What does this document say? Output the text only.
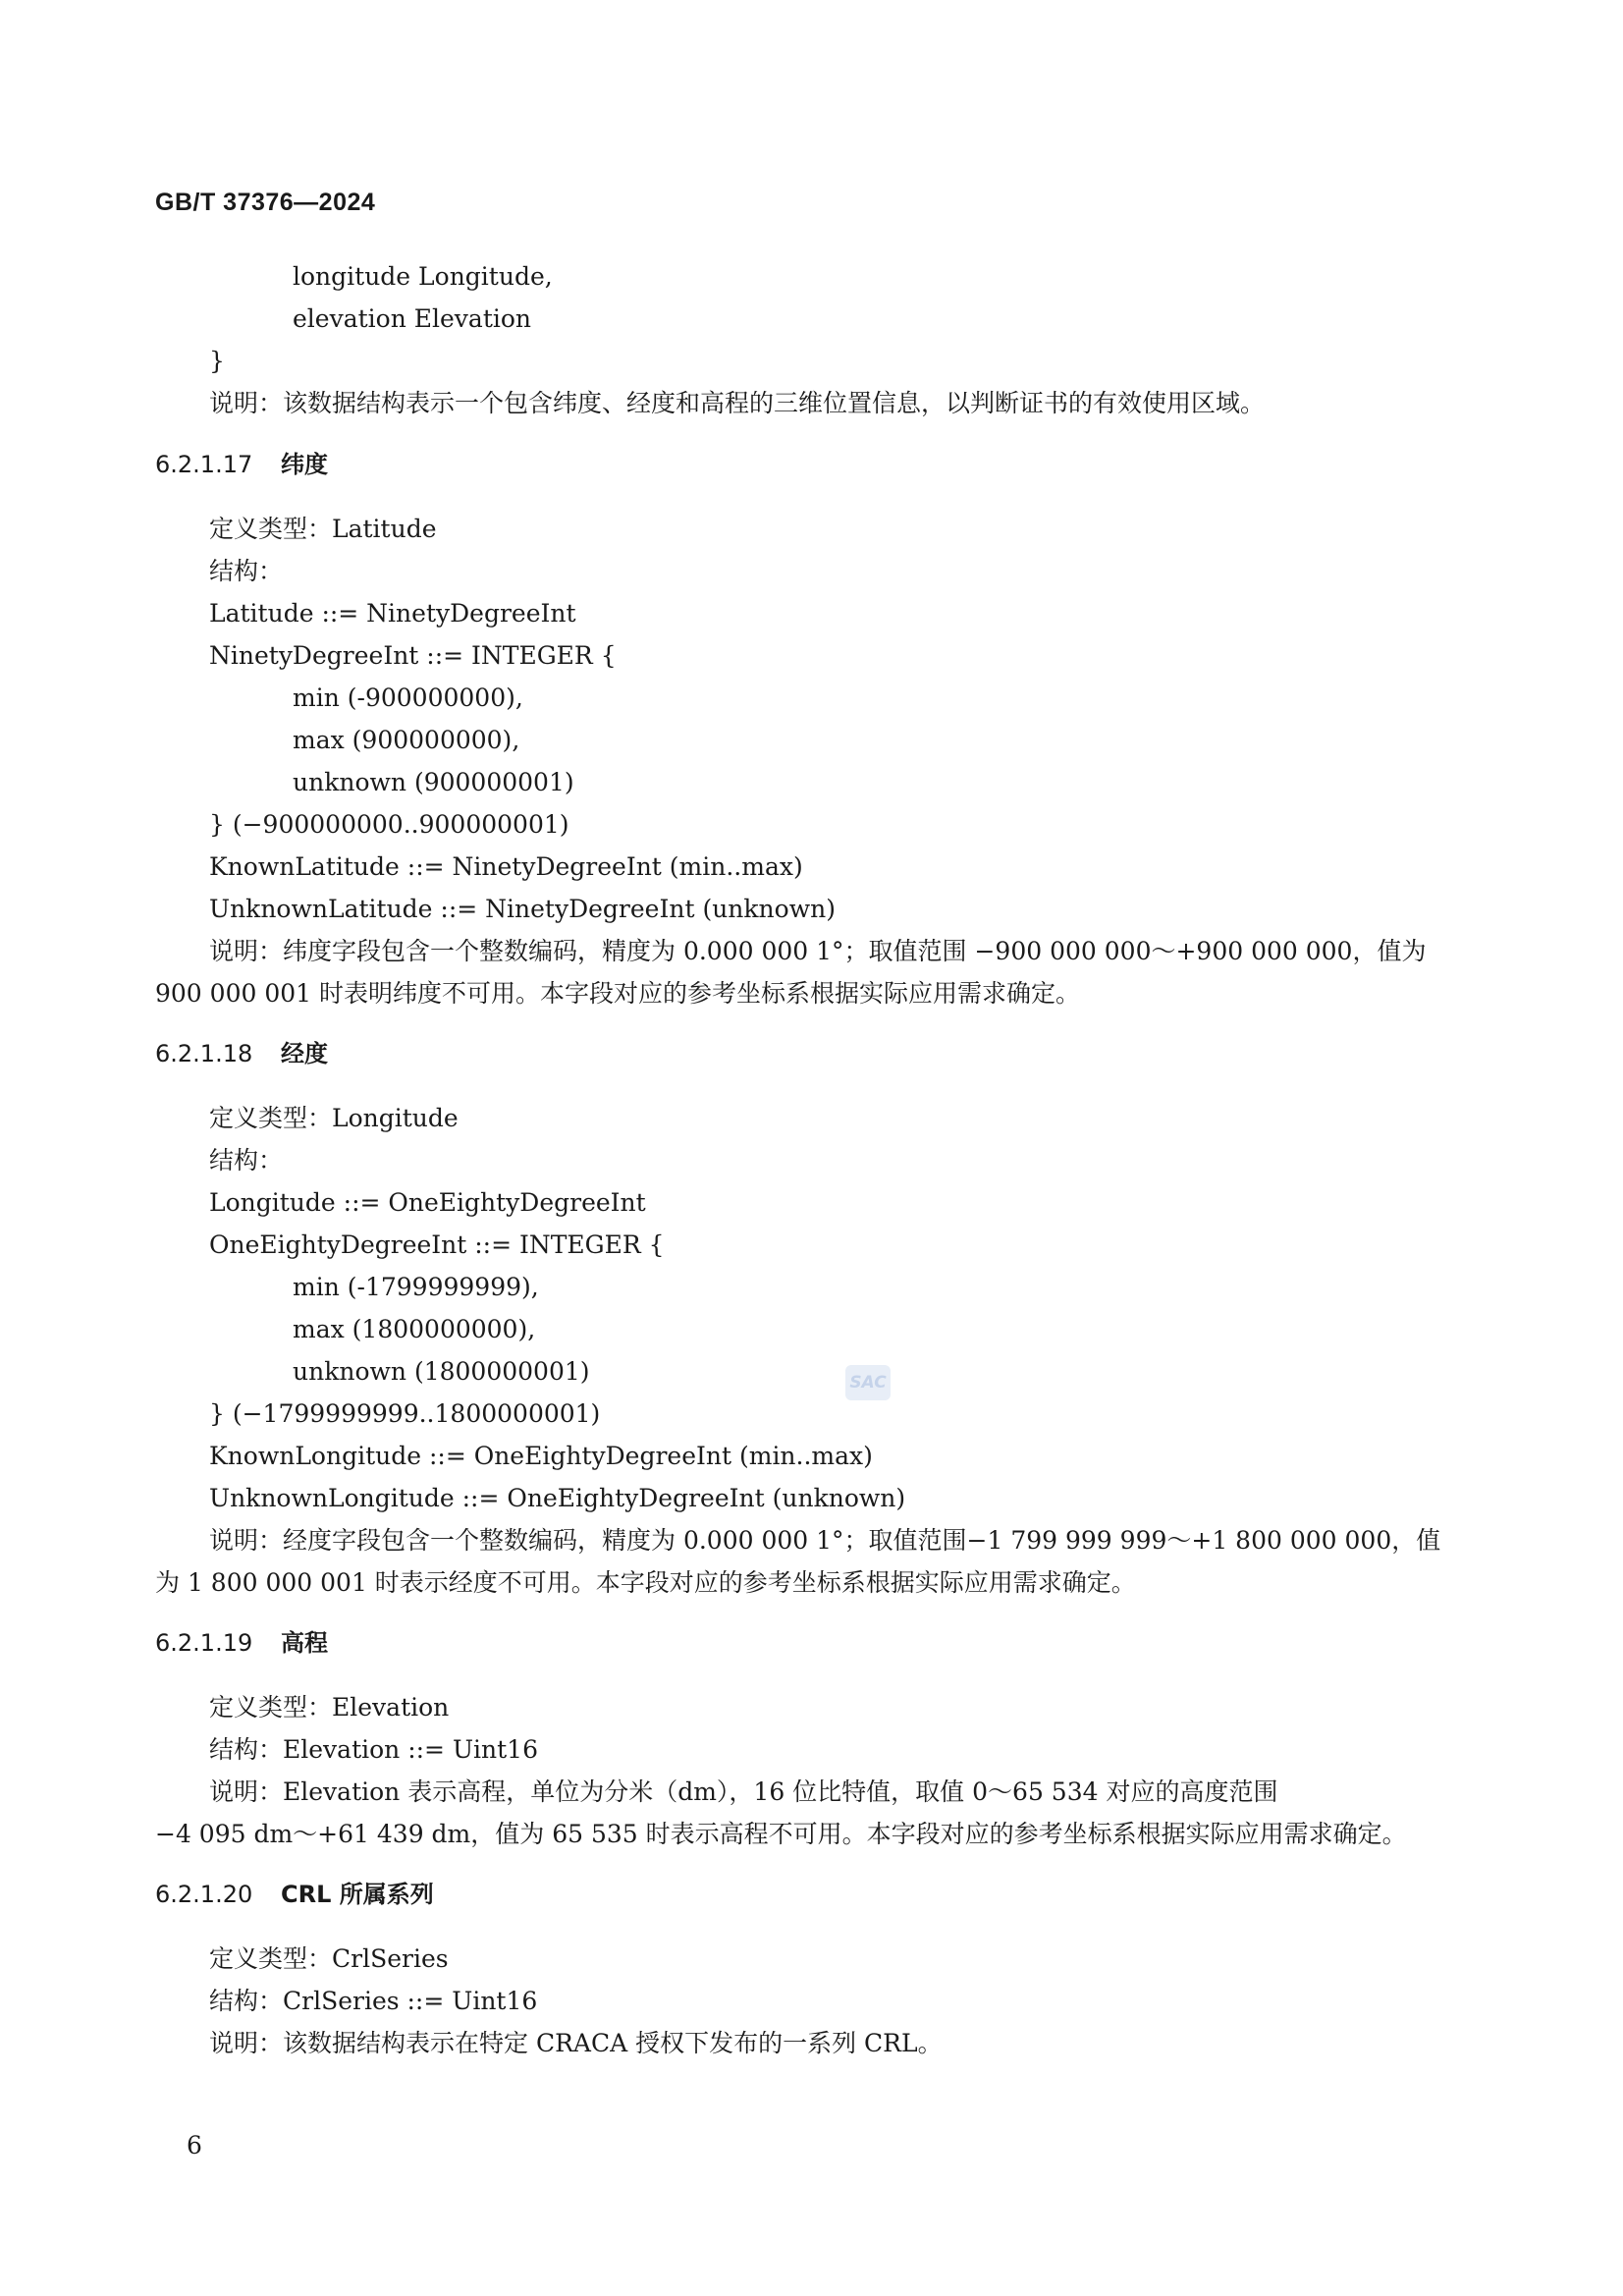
GB/T 37376—2024
longitude Longitude,
elevation Elevation
}
说明：该数据结构表示一个包含纬度、经度和高程的三维位置信息，以判断证书的有效使用区域。
6.2.1.17 纬度
定义类型：Latitude
结构：
Latitude ::= NinetyDegreeInt
NinetyDegreeInt ::= INTEGER {
min (-900000000),
max (900000000),
unknown (900000001)
} (−900000000..900000001)
KnownLatitude ::= NinetyDegreeInt (min..max)
UnknownLatitude ::= NinetyDegreeInt (unknown)
说明：纬度字段包含一个整数编码，精度为 0.000 000 1°；取值范围 −900 000 000～+900 000 000，值为
900 000 001 时表明纬度不可用。本字段对应的参考坐标系根据实际应用需求确定。
6.2.1.18 经度
定义类型：Longitude
结构：
Longitude ::= OneEightyDegreeInt
OneEightyDegreeInt ::= INTEGER {
min (-1799999999),
max (1800000000),
unknown (1800000001)
} (−1799999999..1800000001)
KnownLongitude ::= OneEightyDegreeInt (min..max)
UnknownLongitude ::= OneEightyDegreeInt (unknown)
说明：经度字段包含一个整数编码，精度为 0.000 000 1°；取值范围−1 799 999 999～+1 800 000 000，值
为 1 800 000 001 时表示经度不可用。本字段对应的参考坐标系根据实际应用需求确定。
6.2.1.19 高程
定义类型：Elevation
结构：Elevation ::= Uint16
说明：Elevation 表示高程，单位为分米（dm），16 位比特值，取值 0～65 534 对应的高度范围
−4 095 dm～+61 439 dm，值为 65 535 时表示高程不可用。本字段对应的参考坐标系根据实际应用需求确定。
6.2.1.20 CRL 所属系列
定义类型：CrlSeries
结构：CrlSeries ::= Uint16
说明：该数据结构表示在特定 CRACA 授权下发布的一系列 CRL。
SAC
6
